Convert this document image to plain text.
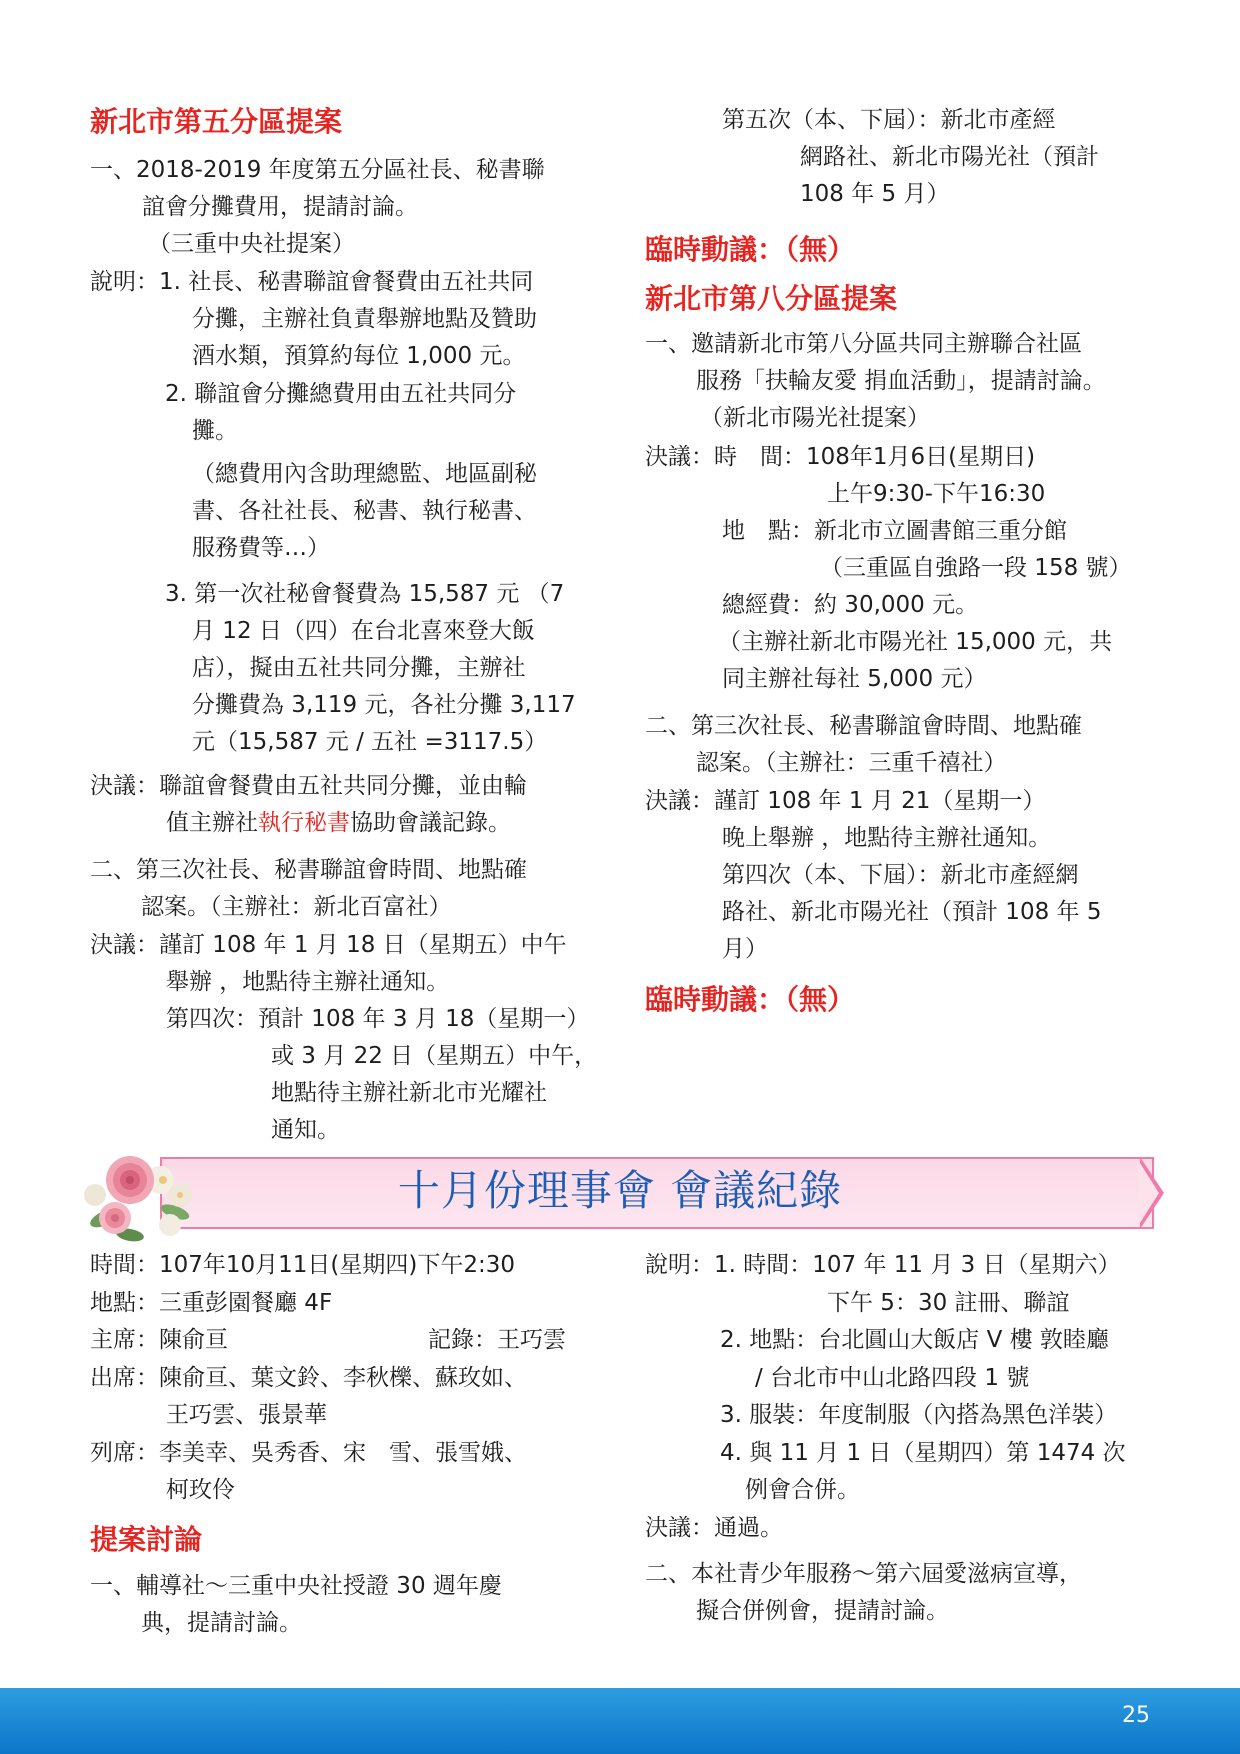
新北市第五分區提案
一、2018-2019 年度第五分區社長、秘書聯
誼會分攤費用，提請討論。
（三重中央社提案）
說明：1. 社長、秘書聯誼會餐費由五社共同
分攤，主辦社負責舉辦地點及贊助
酒水類，預算約每位 1,000 元。
2. 聯誼會分攤總費用由五社共同分
攤。
（總費用內含助理總監、地區副秘
書、各社社長、秘書、執行秘書、
服務費等…）
3. 第一次社秘會餐費為 15,587 元 （7
月 12 日（四）在台北喜來登大飯
店），擬由五社共同分攤，主辦社
分攤費為 3,119 元，各社分攤 3,117
元（15,587 元 / 五社 =3117.5）
決議：聯誼會餐費由五社共同分攤，並由輪
值主辦社執行秘書協助會議記錄。
二、第三次社長、秘書聯誼會時間、地點確
認案。（主辦社：新北百富社）
決議：謹訂 108 年 1 月 18 日（星期五）中午
舉辦 ，地點待主辦社通知。
第四次：預計 108 年 3 月 18（星期一）
或 3 月 22 日（星期五）中午，
地點待主辦社新北市光耀社
通知。
第五次（本、下屆）：新北市產經
網路社、新北市陽光社（預計
108 年 5 月）
臨時動議：（無）
新北市第八分區提案
一、邀請新北市第八分區共同主辦聯合社區
服務「扶輪友愛 捐血活動」，提請討論。
（新北市陽光社提案）
決議：時　間：108年1月6日(星期日)
上午9:30-下午16:30
地　點：新北市立圖書館三重分館
（三重區自強路一段 158 號）
總經費：約 30,000 元。
（主辦社新北市陽光社 15,000 元，共
同主辦社每社 5,000 元）
二、第三次社長、秘書聯誼會時間、地點確
認案。（主辦社：三重千禧社）
決議：謹訂 108 年 1 月 21（星期一）
晚上舉辦 ，地點待主辦社通知。
第四次（本、下屆）：新北市產經網
路社、新北市陽光社（預計 108 年 5
月）
臨時動議：（無）
十月份理事會 會議紀錄
時間：107年10月11日(星期四)下午2:30
地點：三重彭園餐廳 4F
主席：陳俞亘	記錄：王巧雲
出席：陳俞亘、葉文鈴、李秋櫟、蘇玫如、
王巧雲、張景華
列席：李美幸、吳秀香、宋　雪、張雪娥、
柯玫伶
提案討論
一、輔導社～三重中央社授證 30 週年慶
典，提請討論。
說明：1. 時間：107 年 11 月 3 日（星期六）
下午 5：30 註冊、聯誼
2. 地點：台北圓山大飯店 V 樓 敦睦廳
/ 台北市中山北路四段 1 號
3. 服裝：年度制服（內搭為黑色洋裝）
4. 與 11 月 1 日（星期四）第 1474 次
例會合併。
決議：通過。
二、本社青少年服務～第六屆愛滋病宣導，
擬合併例會，提請討論。
25
